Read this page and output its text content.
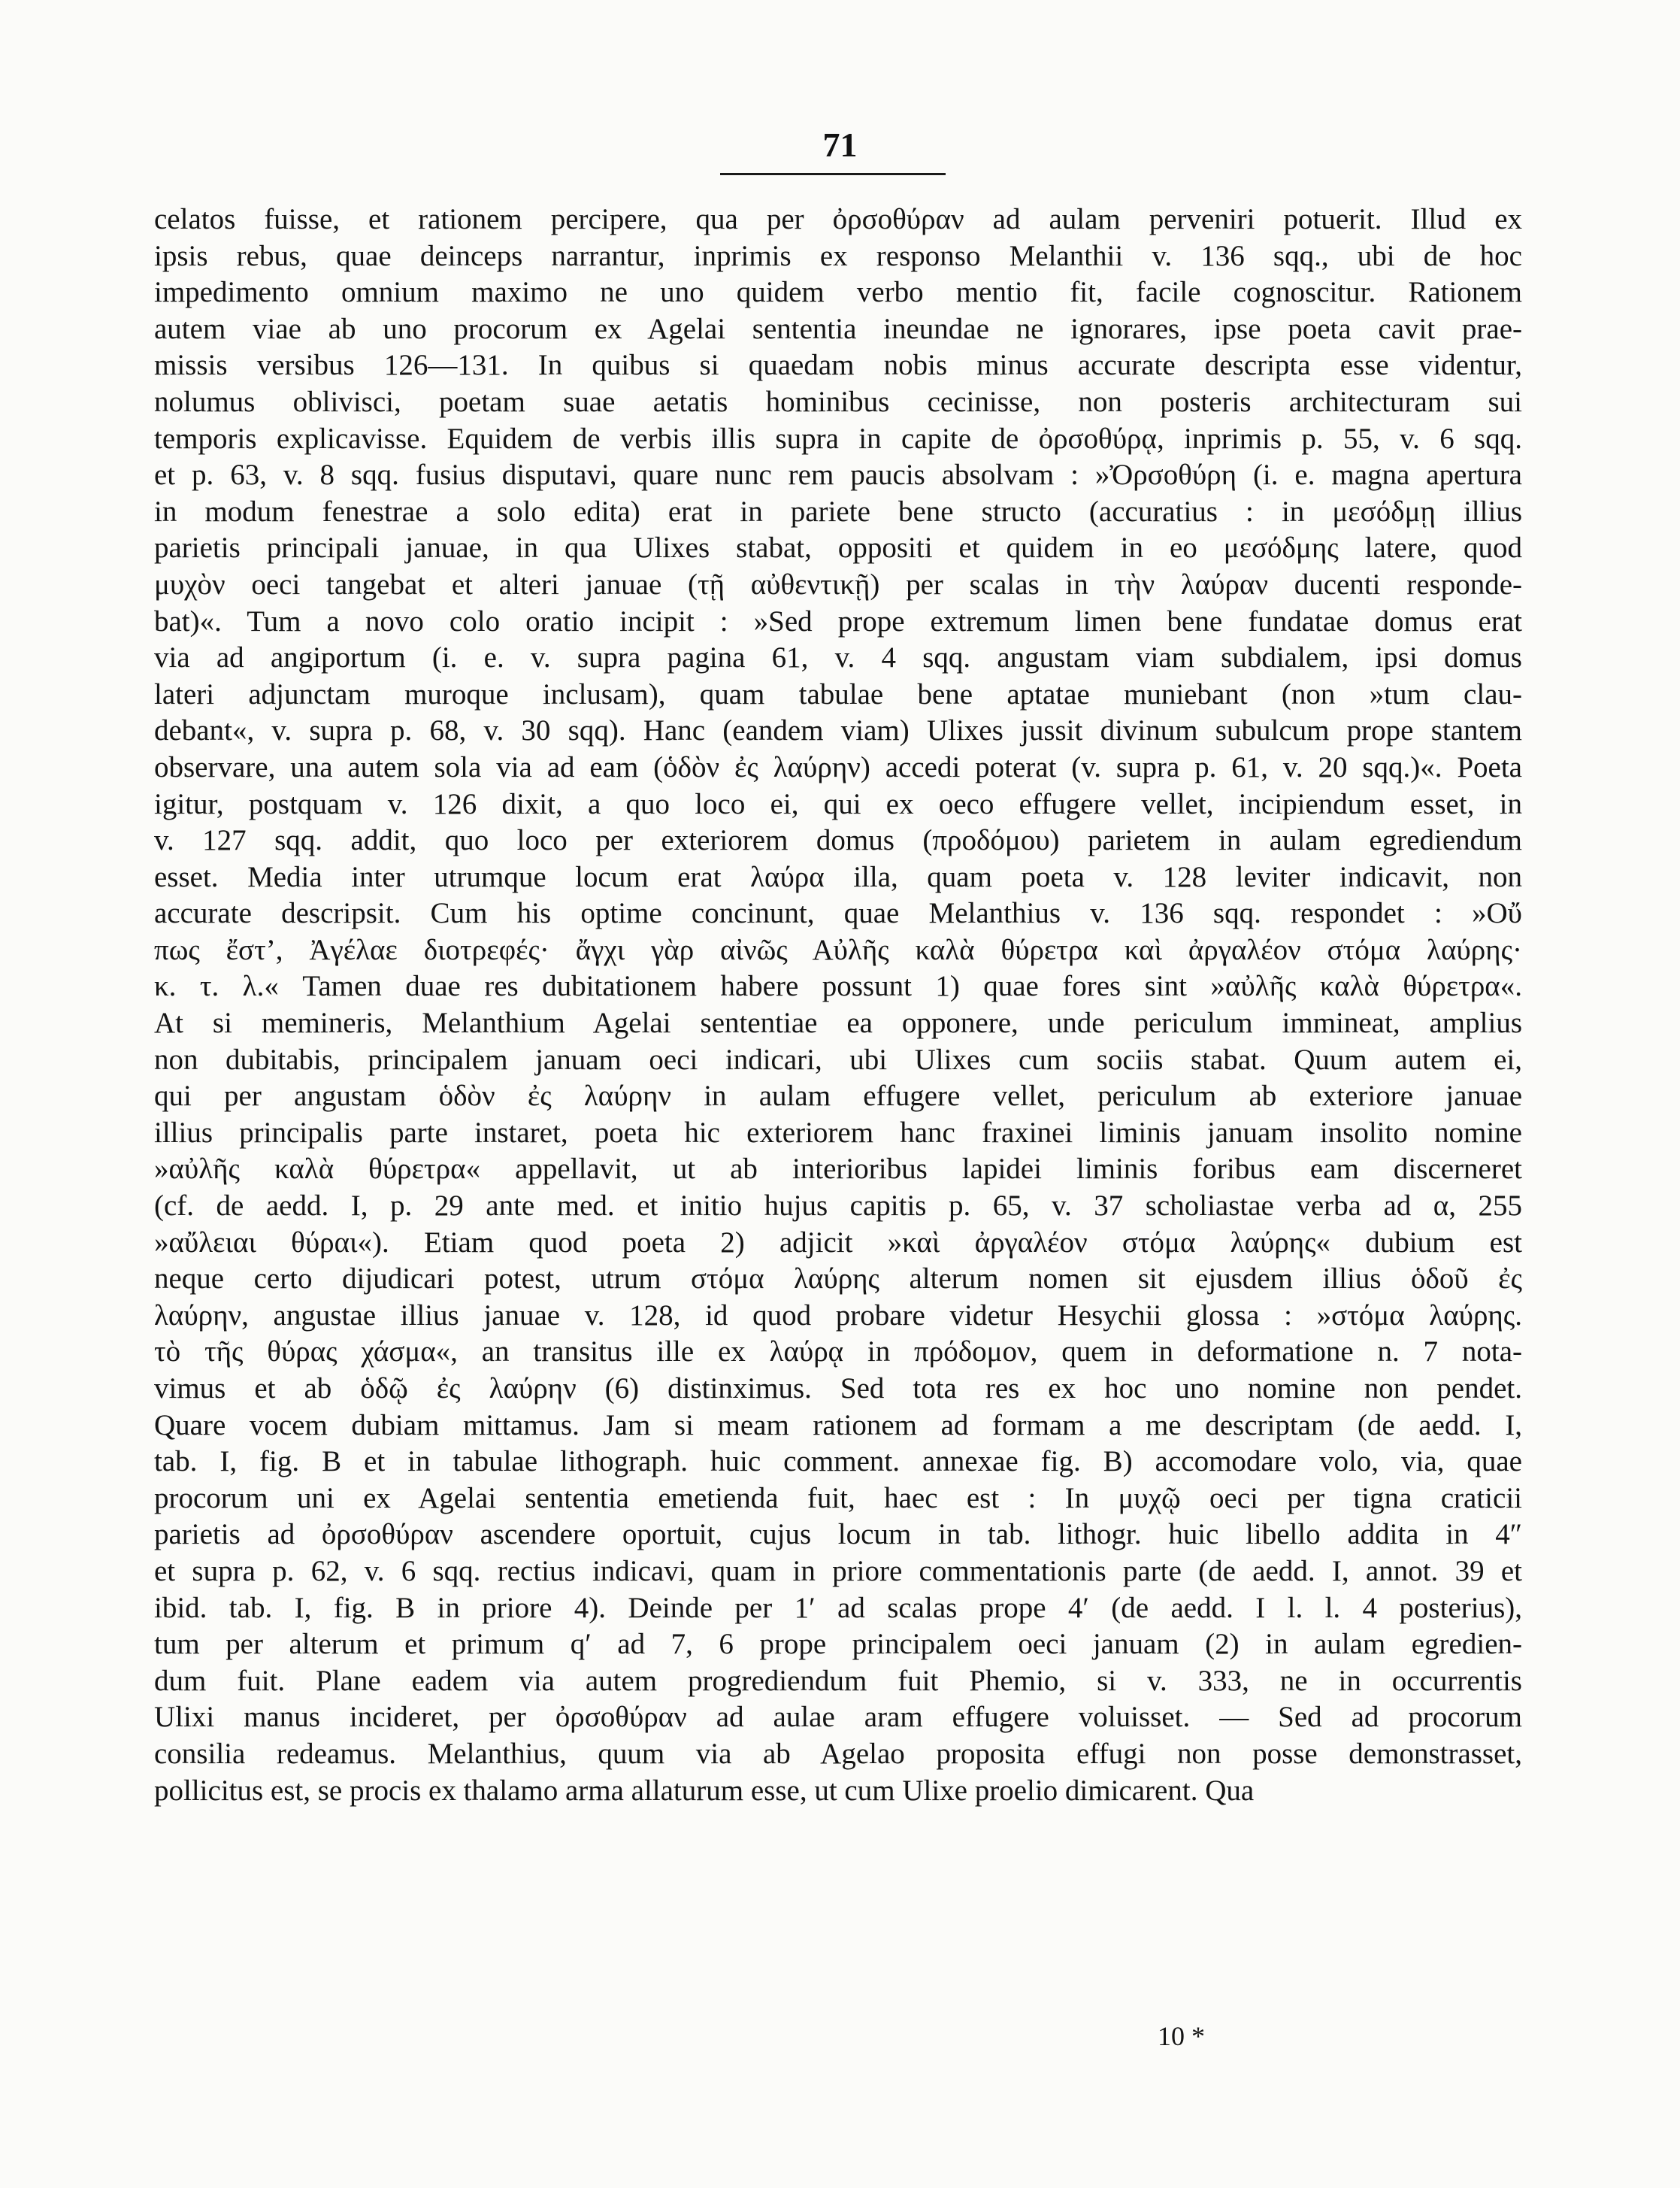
71
celatos fuisse, et rationem percipere, qua per ὀρσοθύραν ad aulam perveniri potuerit. Illud ex
ipsis rebus, quae deinceps narrantur, inprimis ex responso Melanthii v. 136 sqq., ubi de hoc
impedimento omnium maximo ne uno quidem verbo mentio fit, facile cognoscitur. Rationem
autem viae ab uno procorum ex Agelai sententia ineundae ne ignorares, ipse poeta cavit prae-
missis versibus 126—131. In quibus si quaedam nobis minus accurate descripta esse videntur,
nolumus oblivisci, poetam suae aetatis hominibus cecinisse, non posteris architecturam sui
temporis explicavisse. Equidem de verbis illis supra in capite de ὀρσοθύρᾳ, inprimis p. 55, v. 6 sqq.
et p. 63, v. 8 sqq. fusius disputavi, quare nunc rem paucis absolvam : »Ὀρσοθύρη (i. e. magna apertura
in modum fenestrae a solo edita) erat in pariete bene structo (accuratius : in μεσόδμῃ illius
parietis principali januae, in qua Ulixes stabat, oppositi et quidem in eo μεσόδμης latere, quod
μυχὸν oeci tangebat et alteri januae (τῇ αὐθεντικῇ) per scalas in τὴν λαύραν ducenti responde-
bat)«. Tum a novo colo oratio incipit : »Sed prope extremum limen bene fundatae domus erat
via ad angiportum (i. e. v. supra pagina 61, v. 4 sqq. angustam viam subdialem, ipsi domus
lateri adjunctam muroque inclusam), quam tabulae bene aptatae muniebant (non »tum clau-
debant«, v. supra p. 68, v. 30 sqq). Hanc (eandem viam) Ulixes jussit divinum subulcum prope stantem
observare, una autem sola via ad eam (ὁδὸν ἐς λαύρην) accedi poterat (v. supra p. 61, v. 20 sqq.)«. Poeta
igitur, postquam v. 126 dixit, a quo loco ei, qui ex oeco effugere vellet, incipiendum esset, in
v. 127 sqq. addit, quo loco per exteriorem domus (προδόμου) parietem in aulam egrediendum
esset. Media inter utrumque locum erat λαύρα illa, quam poeta v. 128 leviter indicavit, non
accurate descripsit. Cum his optime concinunt, quae Melanthius v. 136 sqq. respondet : »Οὔ
πως ἔστ’, Ἀγέλαε διοτρεφές· ἄγχι γὰρ αἰνῶς Αὐλῆς καλὰ θύρετρα καὶ ἀργαλέον στόμα λαύρης·
κ. τ. λ.« Tamen duae res dubitationem habere possunt 1) quae fores sint »αὐλῆς καλὰ θύρετρα«.
At si memineris, Melanthium Agelai sententiae ea opponere, unde periculum immineat, amplius
non dubitabis, principalem januam oeci indicari, ubi Ulixes cum sociis stabat. Quum autem ei,
qui per angustam ὁδὸν ἐς λαύρην in aulam effugere vellet, periculum ab exteriore januae
illius principalis parte instaret, poeta hic exteriorem hanc fraxinei liminis januam insolito nomine
»αὐλῆς καλὰ θύρετρα« appellavit, ut ab interioribus lapidei liminis foribus eam discerneret
(cf. de aedd. I, p. 29 ante med. et initio hujus capitis p. 65, v. 37 scholiastae verba ad α, 255
»αὔλειαι θύραι«). Etiam quod poeta 2) adjicit »καὶ ἀργαλέον στόμα λαύρης« dubium est
neque certo dijudicari potest, utrum στόμα λαύρης alterum nomen sit ejusdem illius ὁδοῦ ἐς
λαύρην, angustae illius januae v. 128, id quod probare videtur Hesychii glossa : »στόμα λαύρης.
τὸ τῆς θύρας χάσμα«, an transitus ille ex λαύρᾳ in πρόδομον, quem in deformatione n. 7 nota-
vimus et ab ὁδῷ ἐς λαύρην (6) distinximus. Sed tota res ex hoc uno nomine non pendet.
Quare vocem dubiam mittamus. Jam si meam rationem ad formam a me descriptam (de aedd. I,
tab. I, fig. B et in tabulae lithograph. huic comment. annexae fig. B) accomodare volo, via, quae
procorum uni ex Agelai sententia emetienda fuit, haec est : In μυχῷ oeci per tigna craticii
parietis ad ὀρσοθύραν ascendere oportuit, cujus locum in tab. lithogr. huic libello addita in 4″
et supra p. 62, v. 6 sqq. rectius indicavi, quam in priore commentationis parte (de aedd. I, annot. 39 et
ibid. tab. I, fig. B in priore 4). Deinde per 1′ ad scalas prope 4′ (de aedd. I l. l. 4 posterius),
tum per alterum et primum q′ ad 7, 6 prope principalem oeci januam (2) in aulam egredien-
dum fuit. Plane eadem via autem progrediendum fuit Phemio, si v. 333, ne in occurrentis
Ulixi manus incideret, per ὀρσοθύραν ad aulae aram effugere voluisset. — Sed ad procorum
consilia redeamus. Melanthius, quum via ab Agelao proposita effugi non posse demonstrasset,
pollicitus est, se procis ex thalamo arma allaturum esse, ut cum Ulixe proelio dimicarent. Qua
10 *
